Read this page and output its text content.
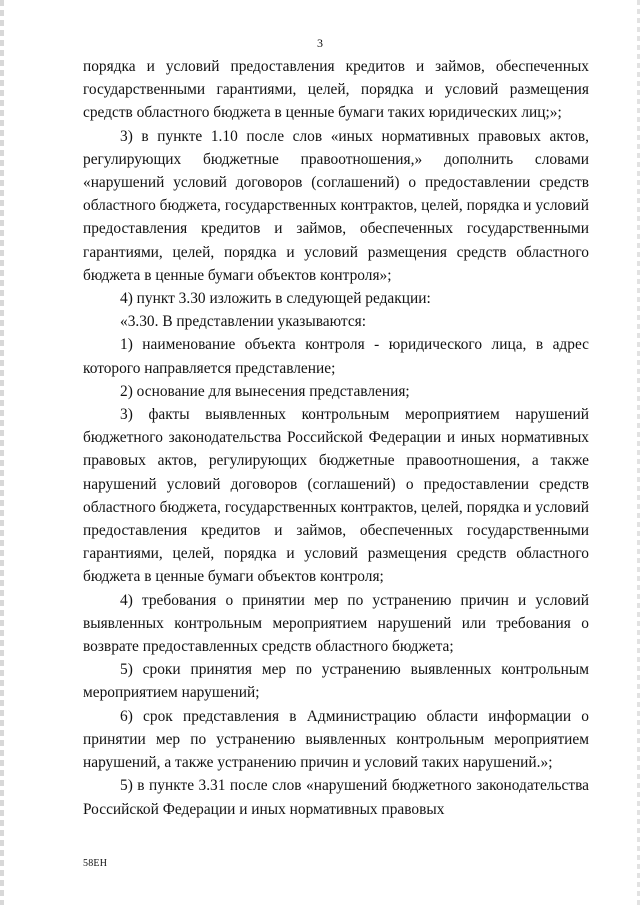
3

порядка и условий предоставления кредитов и займов, обеспеченных государственными гарантиями, целей, порядка и условий размещения средств областного бюджета в ценные бумаги таких юридических лиц;»;

3) в пункте 1.10 после слов «иных нормативных правовых актов, регулирующих бюджетные правоотношения,» дополнить словами «нарушений условий договоров (соглашений) о предоставлении средств областного бюджета, государственных контрактов, целей, порядка и условий предоставления кредитов и займов, обеспеченных государственными гарантиями, целей, порядка и условий размещения средств областного бюджета в ценные бумаги объектов контроля»;

4) пункт 3.30 изложить в следующей редакции:

«3.30. В представлении указываются:

1) наименование объекта контроля - юридического лица, в адрес которого направляется представление;

2) основание для вынесения представления;

3) факты выявленных контрольным мероприятием нарушений бюджетного законодательства Российской Федерации и иных нормативных правовых актов, регулирующих бюджетные правоотношения, а также нарушений условий договоров (соглашений) о предоставлении средств областного бюджета, государственных контрактов, целей, порядка и условий предоставления кредитов и займов, обеспеченных государственными гарантиями, целей, порядка и условий размещения средств областного бюджета в ценные бумаги объектов контроля;

4) требования о принятии мер по устранению причин и условий выявленных контрольным мероприятием нарушений или требования о возврате предоставленных средств областного бюджета;

5) сроки принятия мер по устранению выявленных контрольным мероприятием нарушений;

6) срок представления в Администрацию области информации о принятии мер по устранению выявленных контрольным мероприятием нарушений, а также устранению причин и условий таких нарушений.»;

5) в пункте 3.31 после слов «нарушений бюджетного законодательства Российской Федерации и иных нормативных правовых

58ЕН
